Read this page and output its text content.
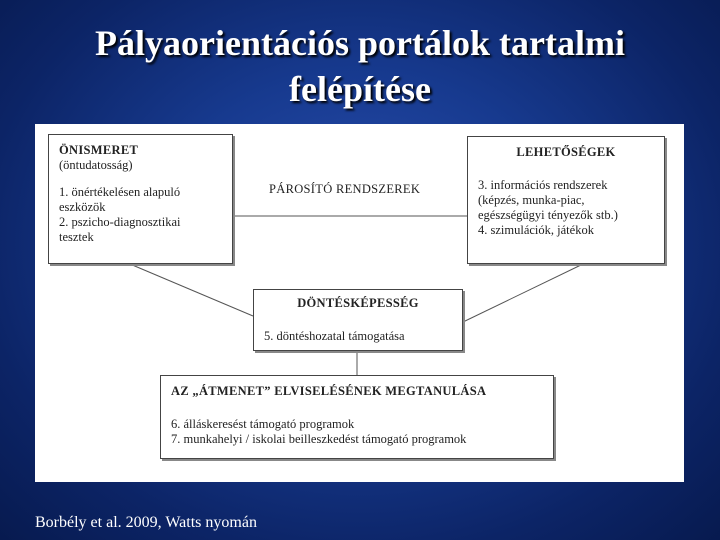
Pályaorientációs portálok tartalmi
felépítése
PÁROSÍTÓ RENDSZEREK
ÖNISMERET
(öntudatosság)
1. önértékelésen alapuló
eszközök
2. pszicho-diagnosztikai
tesztek
LEHETŐSÉGEK
3. információs rendszerek
(képzés, munka-piac,
egészségügyi tényezők stb.)
4. szimulációk, játékok
DÖNTÉSKÉPESSÉG
5. döntéshozatal támogatása
AZ „ÁTMENET” ELVISELÉSÉNEK MEGTANULÁSA
6. álláskeresést támogató programok
7. munkahelyi / iskolai beilleszkedést támogató programok
Borbély et al. 2009, Watts nyomán
